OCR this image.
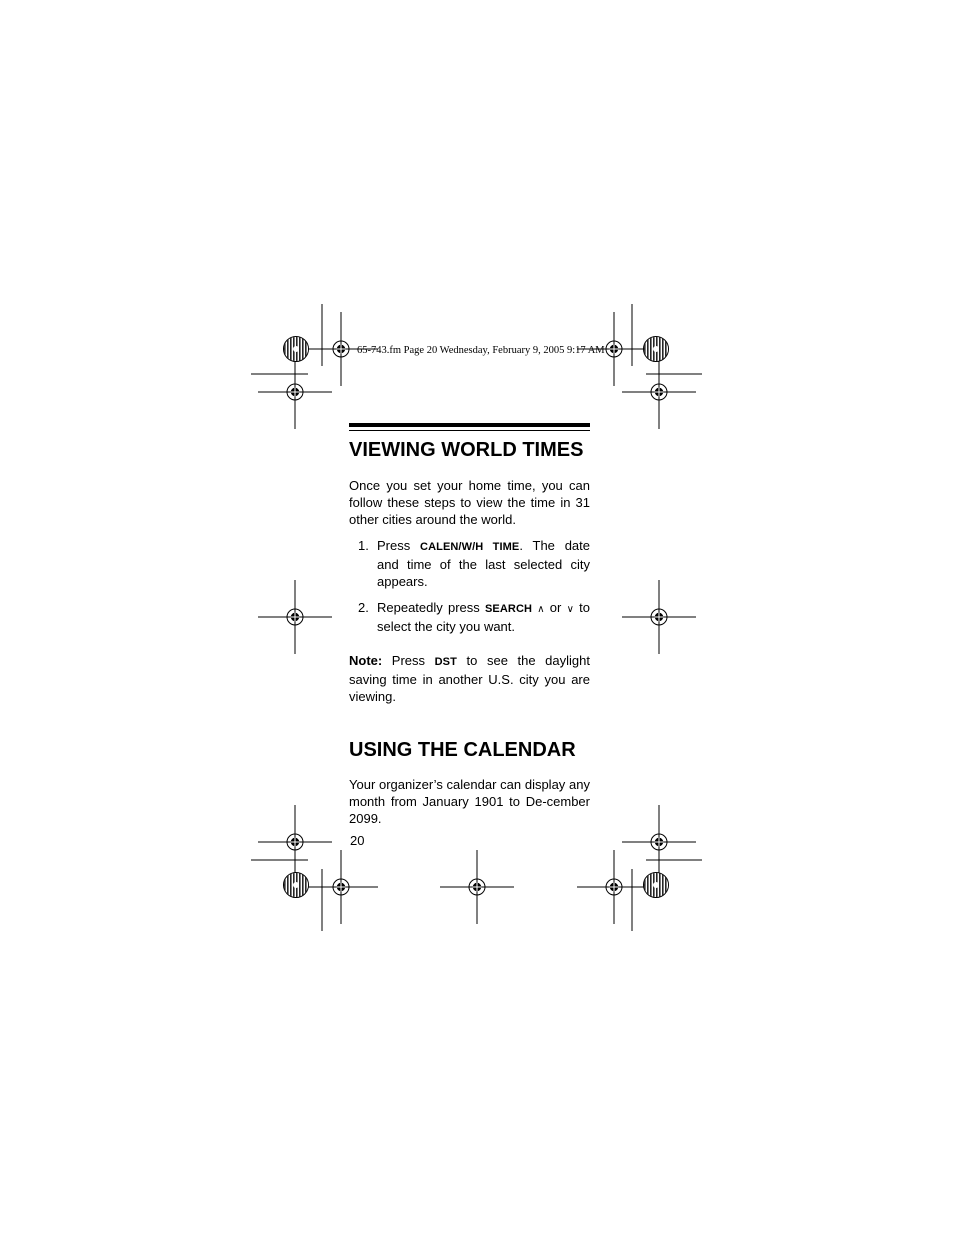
65-743.fm Page 20 Wednesday, February 9, 2005 9:17 AM
VIEWING WORLD TIMES

Once you set your home time, you can follow these steps to view the time in 31 other cities around the world.

1. Press CALEN/W/H TIME. The date and time of the last selected city appears.
2. Repeatedly press SEARCH ∧ or ∨ to select the city you want.

Note: Press DST to see the daylight saving time in another U.S. city you are viewing.

USING THE CALENDAR

Your organizer’s calendar can display any month from January 1901 to De-cember 2099.

20
